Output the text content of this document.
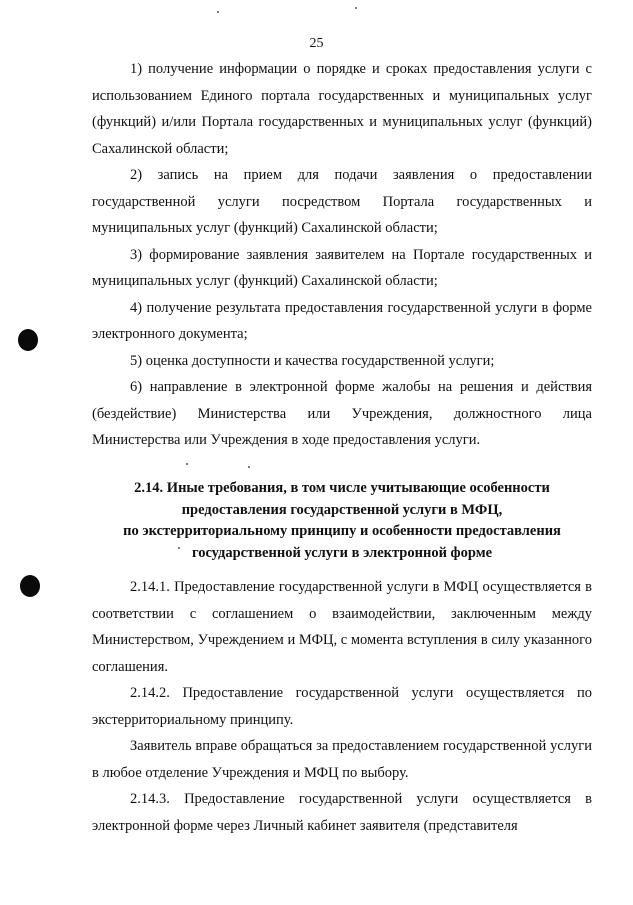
25

1) получение информации о порядке и сроках предоставления услуги с использованием Единого портала государственных и муниципальных услуг (функций) и/или Портала государственных и муниципальных услуг (функций) Сахалинской области;

2) запись на прием для подачи заявления о предоставлении государственной услуги посредством Портала государственных и муниципальных услуг (функций) Сахалинской области;

3) формирование заявления заявителем на Портале государственных и муниципальных услуг (функций) Сахалинской области;

4) получение результата предоставления государственной услуги в форме электронного документа;

5) оценка доступности и качества государственной услуги;

6) направление в электронной форме жалобы на решения и действия (бездействие) Министерства или Учреждения, должностного лица Министерства или Учреждения в ходе предоставления услуги.

2.14. Иные требования, в том числе учитывающие особенности
предоставления государственной услуги в МФЦ,
по экстерриториальному принципу и особенности предоставления
государственной услуги в электронной форме

2.14.1. Предоставление государственной услуги в МФЦ осуществляется в соответствии с соглашением о взаимодействии, заключенным между Министерством, Учреждением и МФЦ, с момента вступления в силу указанного соглашения.

2.14.2. Предоставление государственной услуги осуществляется по экстерриториальному принципу.

Заявитель вправе обращаться за предоставлением государственной услуги в любое отделение Учреждения и МФЦ по выбору.

2.14.3. Предоставление государственной услуги осуществляется в электронной форме через Личный кабинет заявителя (представителя
